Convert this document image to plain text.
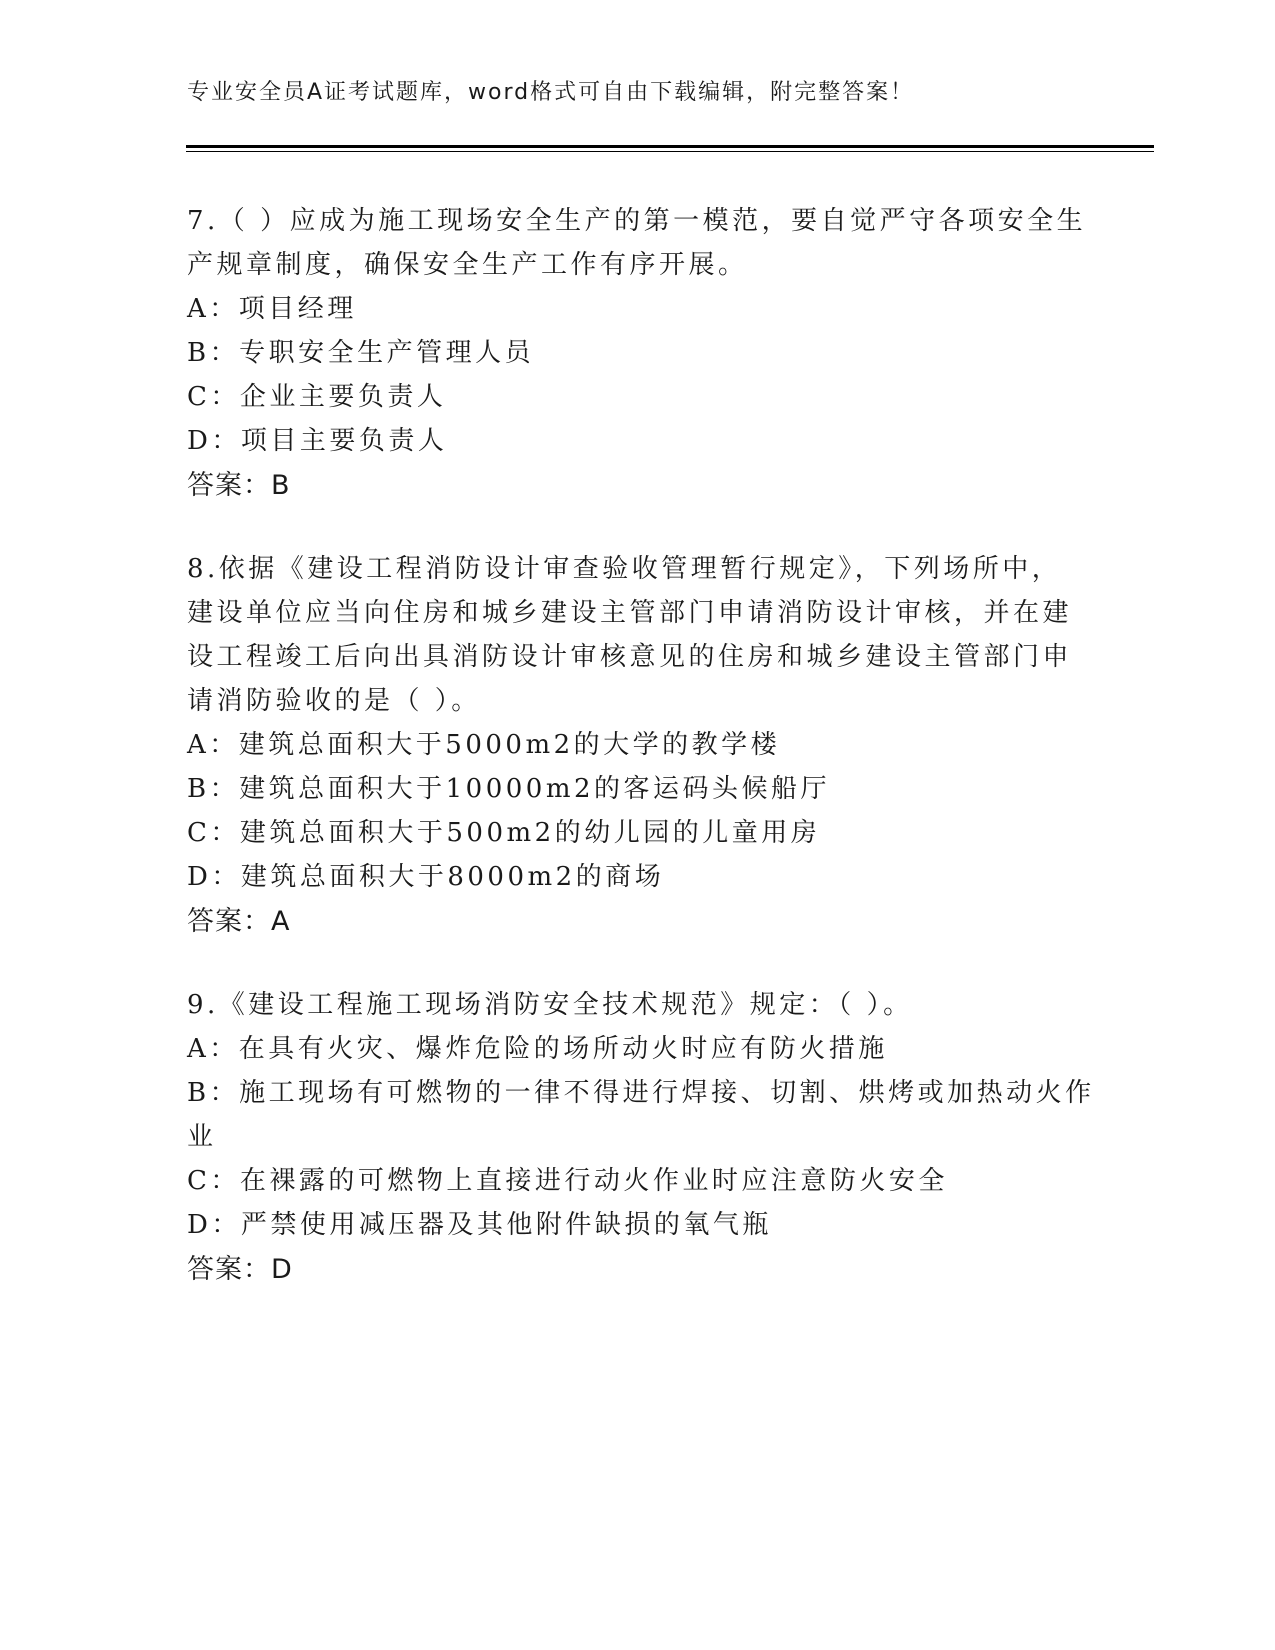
专业安全员A证考试题库，word格式可自由下载编辑，附完整答案！
7.（ ）应成为施工现场安全生产的第一模范，要自觉严守各项安全生
产规章制度，确保安全生产工作有序开展。
A：项目经理
B：专职安全生产管理人员
C：企业主要负责人
D：项目主要负责人
答案：B
8.依据《建设工程消防设计审查验收管理暂行规定》，下列场所中，
建设单位应当向住房和城乡建设主管部门申请消防设计审核，并在建
设工程竣工后向出具消防设计审核意见的住房和城乡建设主管部门申
请消防验收的是（ ）。
A：建筑总面积大于5000m2的大学的教学楼
B：建筑总面积大于10000m2的客运码头候船厅
C：建筑总面积大于500m2的幼儿园的儿童用房
D：建筑总面积大于8000m2的商场
答案：A
9.《建设工程施工现场消防安全技术规范》规定：（ ）。
A：在具有火灾、爆炸危险的场所动火时应有防火措施
B：施工现场有可燃物的一律不得进行焊接、切割、烘烤或加热动火作
业
C：在裸露的可燃物上直接进行动火作业时应注意防火安全
D：严禁使用减压器及其他附件缺损的氧气瓶
答案：D
